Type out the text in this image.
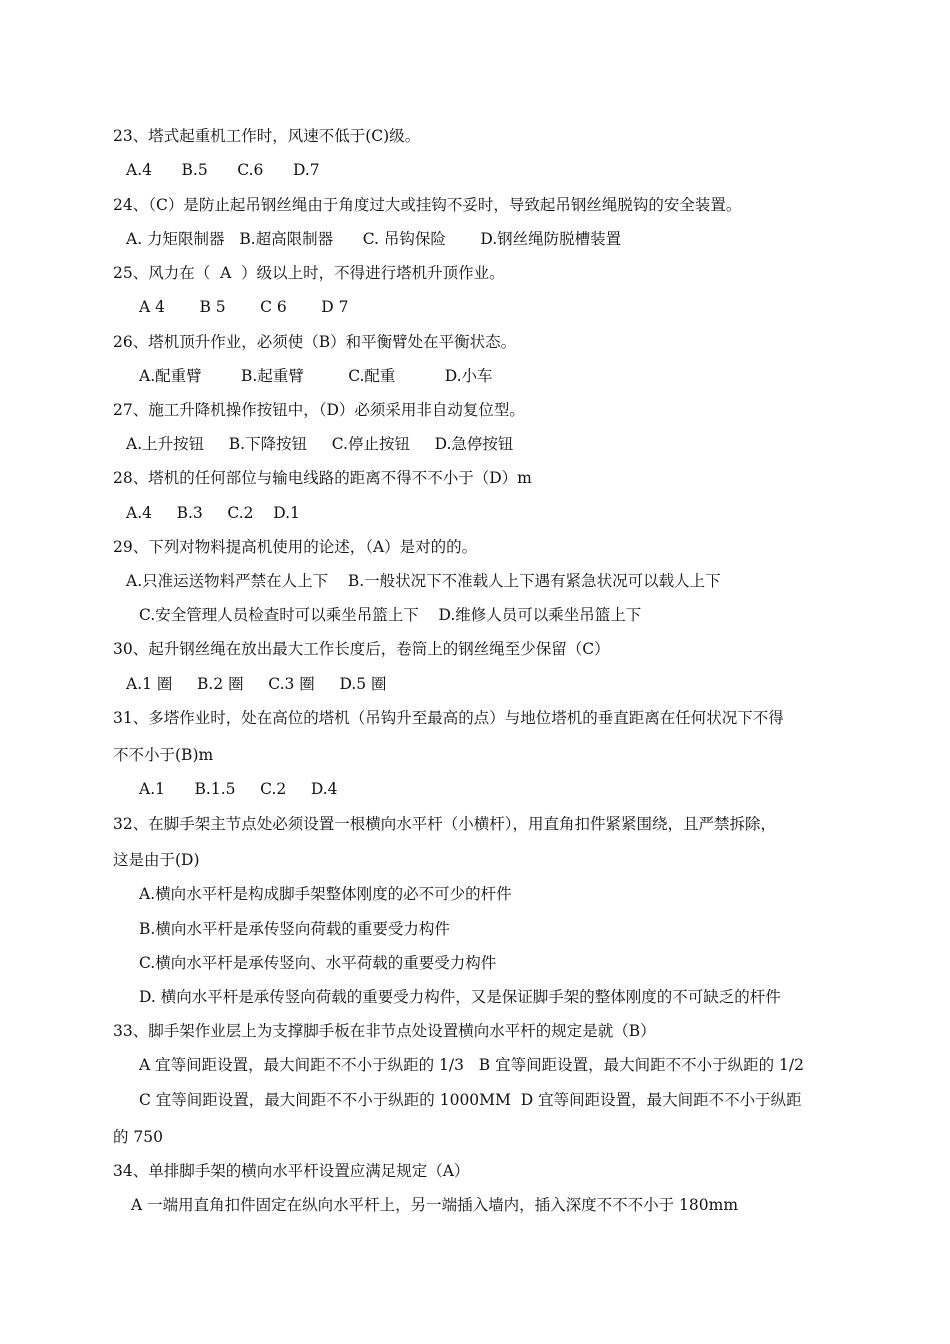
23、塔式起重机工作时，风速不低于(C)级。
A.4      B.5      C.6      D.7
24、（C）是防止起吊钢丝绳由于角度过大或挂钩不妥时，导致起吊钢丝绳脱钩的安全装置。
A. 力矩限制器   B.超高限制器      C. 吊钩保险       D.钢丝绳防脱槽装置
25、风力在（  A  ）级以上时，不得进行塔机升顶作业。
A 4       B 5       C 6       D 7
26、塔机顶升作业，必须使（B）和平衡臂处在平衡状态。
A.配重臂        B.起重臂         C.配重          D.小车
27、施工升降机操作按钮中，（D）必须采用非自动复位型。
A.上升按钮     B.下降按钮     C.停止按钮     D.急停按钮
28、塔机的任何部位与输电线路的距离不得不不小于（D）m
A.4     B.3     C.2    D.1
29、下列对物料提高机使用的论述，（A）是对的的。
A.只准运送物料严禁在人上下    B.一般状况下不准载人上下遇有紧急状况可以载人上下
C.安全管理人员检查时可以乘坐吊篮上下    D.维修人员可以乘坐吊篮上下
30、起升钢丝绳在放出最大工作长度后，卷筒上的钢丝绳至少保留（C）
A.1 圈     B.2 圈     C.3 圈     D.5 圈
31、多塔作业时，处在高位的塔机（吊钩升至最高的点）与地位塔机的垂直距离在任何状况下不得
不不小于(B)m
A.1      B.1.5     C.2     D.4
32、在脚手架主节点处必须设置一根横向水平杆（小横杆），用直角扣件紧紧围绕，且严禁拆除，
这是由于(D)
A.横向水平杆是构成脚手架整体刚度的必不可少的杆件
B.横向水平杆是承传竖向荷载的重要受力构件
C.横向水平杆是承传竖向、水平荷载的重要受力构件
D. 横向水平杆是承传竖向荷载的重要受力构件，又是保证脚手架的整体刚度的不可缺乏的杆件
33、脚手架作业层上为支撑脚手板在非节点处设置横向水平杆的规定是就（B）
A 宜等间距设置，最大间距不不小于纵距的 1/3   B 宜等间距设置，最大间距不不小于纵距的 1/2
C 宜等间距设置，最大间距不不小于纵距的 1000MM  D 宜等间距设置，最大间距不不小于纵距
的 750
34、单排脚手架的横向水平杆设置应满足规定（A）
A 一端用直角扣件固定在纵向水平杆上，另一端插入墙内，插入深度不不不小于 180mm
